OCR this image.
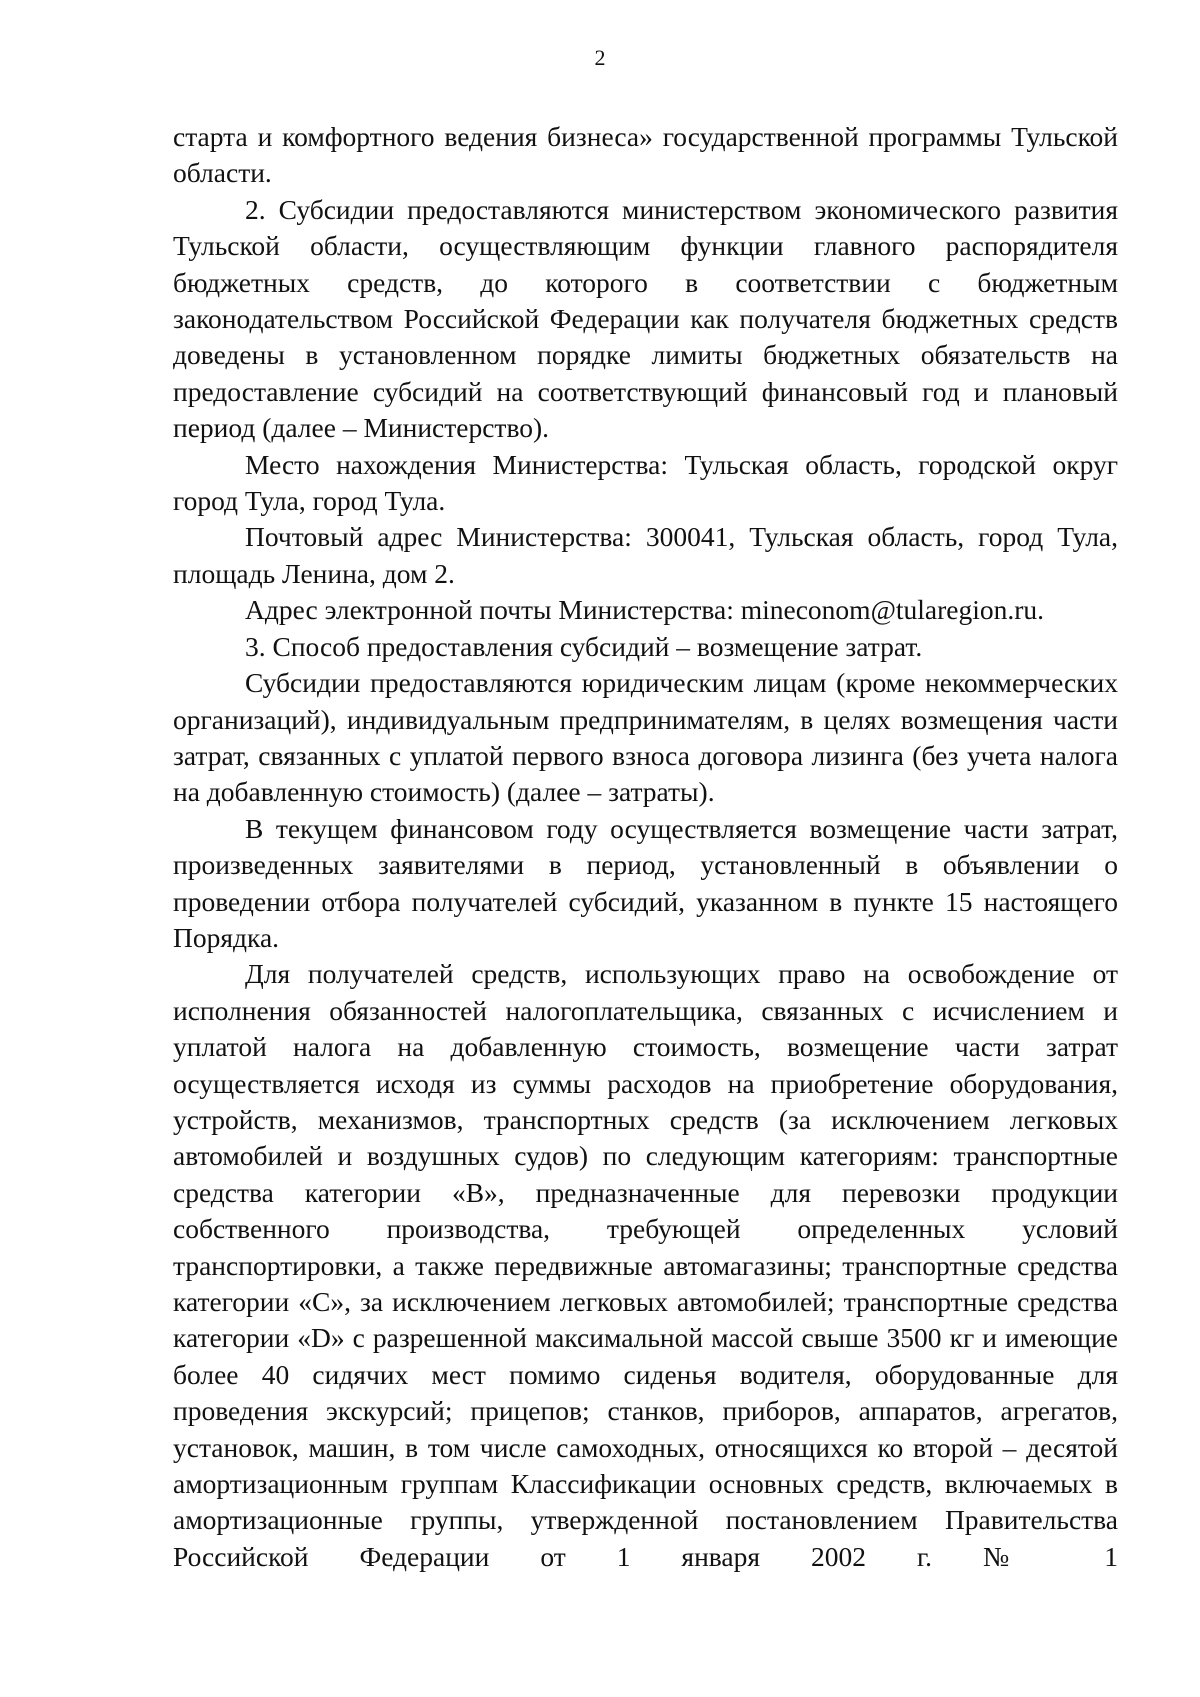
2

старта и комфортного ведения бизнеса» государственной программы Тульской области.

2. Субсидии предоставляются министерством экономического развития Тульской области, осуществляющим функции главного распорядителя бюджетных средств, до которого в соответствии с бюджетным законодательством Российской Федерации как получателя бюджетных средств доведены в установленном порядке лимиты бюджетных обязательств на предоставление субсидий на соответствующий финансовый год и плановый период (далее – Министерство).

Место нахождения Министерства: Тульская область, городской округ город Тула, город Тула.

Почтовый адрес Министерства: 300041, Тульская область, город Тула, площадь Ленина, дом 2.

Адрес электронной почты Министерства: mineconom@tularegion.ru.

3. Способ предоставления субсидий – возмещение затрат.

Субсидии предоставляются юридическим лицам (кроме некоммерческих организаций), индивидуальным предпринимателям, в целях возмещения части затрат, связанных с уплатой первого взноса договора лизинга (без учета налога на добавленную стоимость) (далее – затраты).

В текущем финансовом году осуществляется возмещение части затрат, произведенных заявителями в период, установленный в объявлении о проведении отбора получателей субсидий, указанном в пункте 15 настоящего Порядка.

Для получателей средств, использующих право на освобождение от исполнения обязанностей налогоплательщика, связанных с исчислением и уплатой налога на добавленную стоимость, возмещение части затрат осуществляется исходя из суммы расходов на приобретение оборудования, устройств, механизмов, транспортных средств (за исключением легковых автомобилей и воздушных судов) по следующим категориям: транспортные средства категории «В», предназначенные для перевозки продукции собственного производства, требующей определенных условий транспортировки, а также передвижные автомагазины; транспортные средства категории «С», за исключением легковых автомобилей; транспортные средства категории «D» с разрешенной максимальной массой свыше 3500 кг и имеющие более 40 сидячих мест помимо сиденья водителя, оборудованные для проведения экскурсий; прицепов; станков, приборов, аппаратов, агрегатов, установок, машин, в том числе самоходных, относящихся ко второй – десятой амортизационным группам Классификации основных средств, включаемых в амортизационные группы, утвержденной постановлением Правительства Российской Федерации от 1 января 2002 г. № 1
